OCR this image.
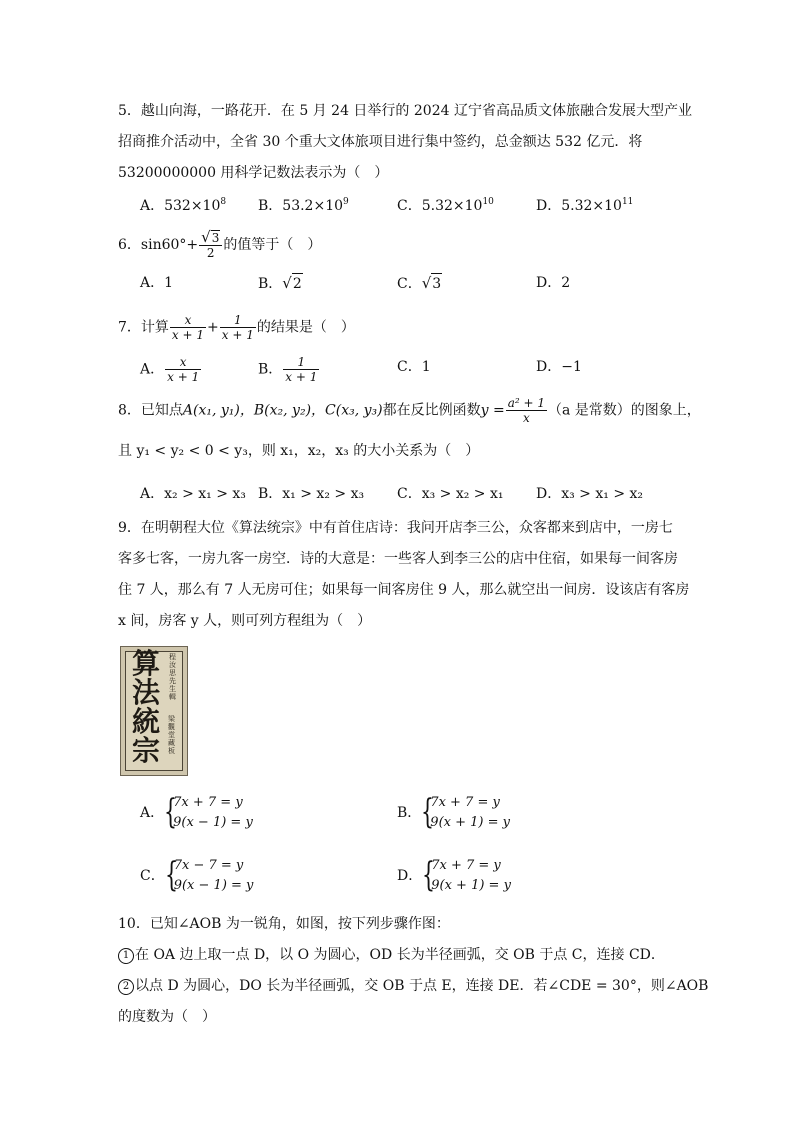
5．越山向海，一路花开．在 5 月 24 日举行的 2024 辽宁省高品质文体旅融合发展大型产业
招商推介活动中，全省 30 个重大文体旅项目进行集中签约，总金额达 532 亿元．将
53200000000 用科学记数法表示为（　）
A．$532\times 10^8$ B．$53.2\times 10^9$	C．$5.32\times 10^{10}$	D．$5.32\times 10^{11}$
6．$\sin 60^\circ+ \frac{√3}{2}$ 的值等于（　）
A．1	B．√2	C．√3	D．2
7．计算 $\frac{x}{x + 1} + \frac{1}{x + 1}$ 的结果是（　）
A． $\frac{x}{x + 1}$	B． $\frac{1}{x + 1}$	C．1	D．−1
8．已知点A(x₁, y₁)，B(x₂, y₂)，C(x₃, y₃)都在反比例函数$y = \frac{\text{a² + 1}}{x} (a$ 是常数）的图象上，
且 y₁ < y₂ < 0 < y₃，则 x₁，x₂，x₃ 的大小关系为（　）
A．x₂ > x₁ > x₃ B．x₁ > x₂ > x₃ C．x₃ > x₂ > x₁ D．x₃ > x₁ > x₂
9．在明朝程大位《算法统宗》中有首住店诗：我问开店李三公，众客都来到店中，一房七
客多七客，一房九客一房空．诗的大意是：一些客人到李三公的店中住宿，如果每一间客房
住 7 人，那么有 7 人无房可住；如果每一间客房住 9 人，那么就空出一间房．设该店有客房
x 间，房客 y 人，则可列方程组为（　）
算法統宗
程汝思先生輯
梁觀堂藏板
A． {
7x + 7 = y
9(x − 1) = y
B． {
7x + 7 = y
9(x + 1) = y
C． {
7x − 7 = y
9(x − 1) = y
D． {
7x + 7 = y
9(x + 1) = y
10．已知∠AOB 为一锐角，如图，按下列步骤作图：
1 在 OA 边上取一点 D，以 O 为圆心，OD 长为半径画弧，交 OB 于点 C，连接 CD．
2 以点 D 为圆心，DO 长为半径画弧，交 OB 于点 E，连接 DE．若∠CDE = 30°，则∠AOB
的度数为（　）
